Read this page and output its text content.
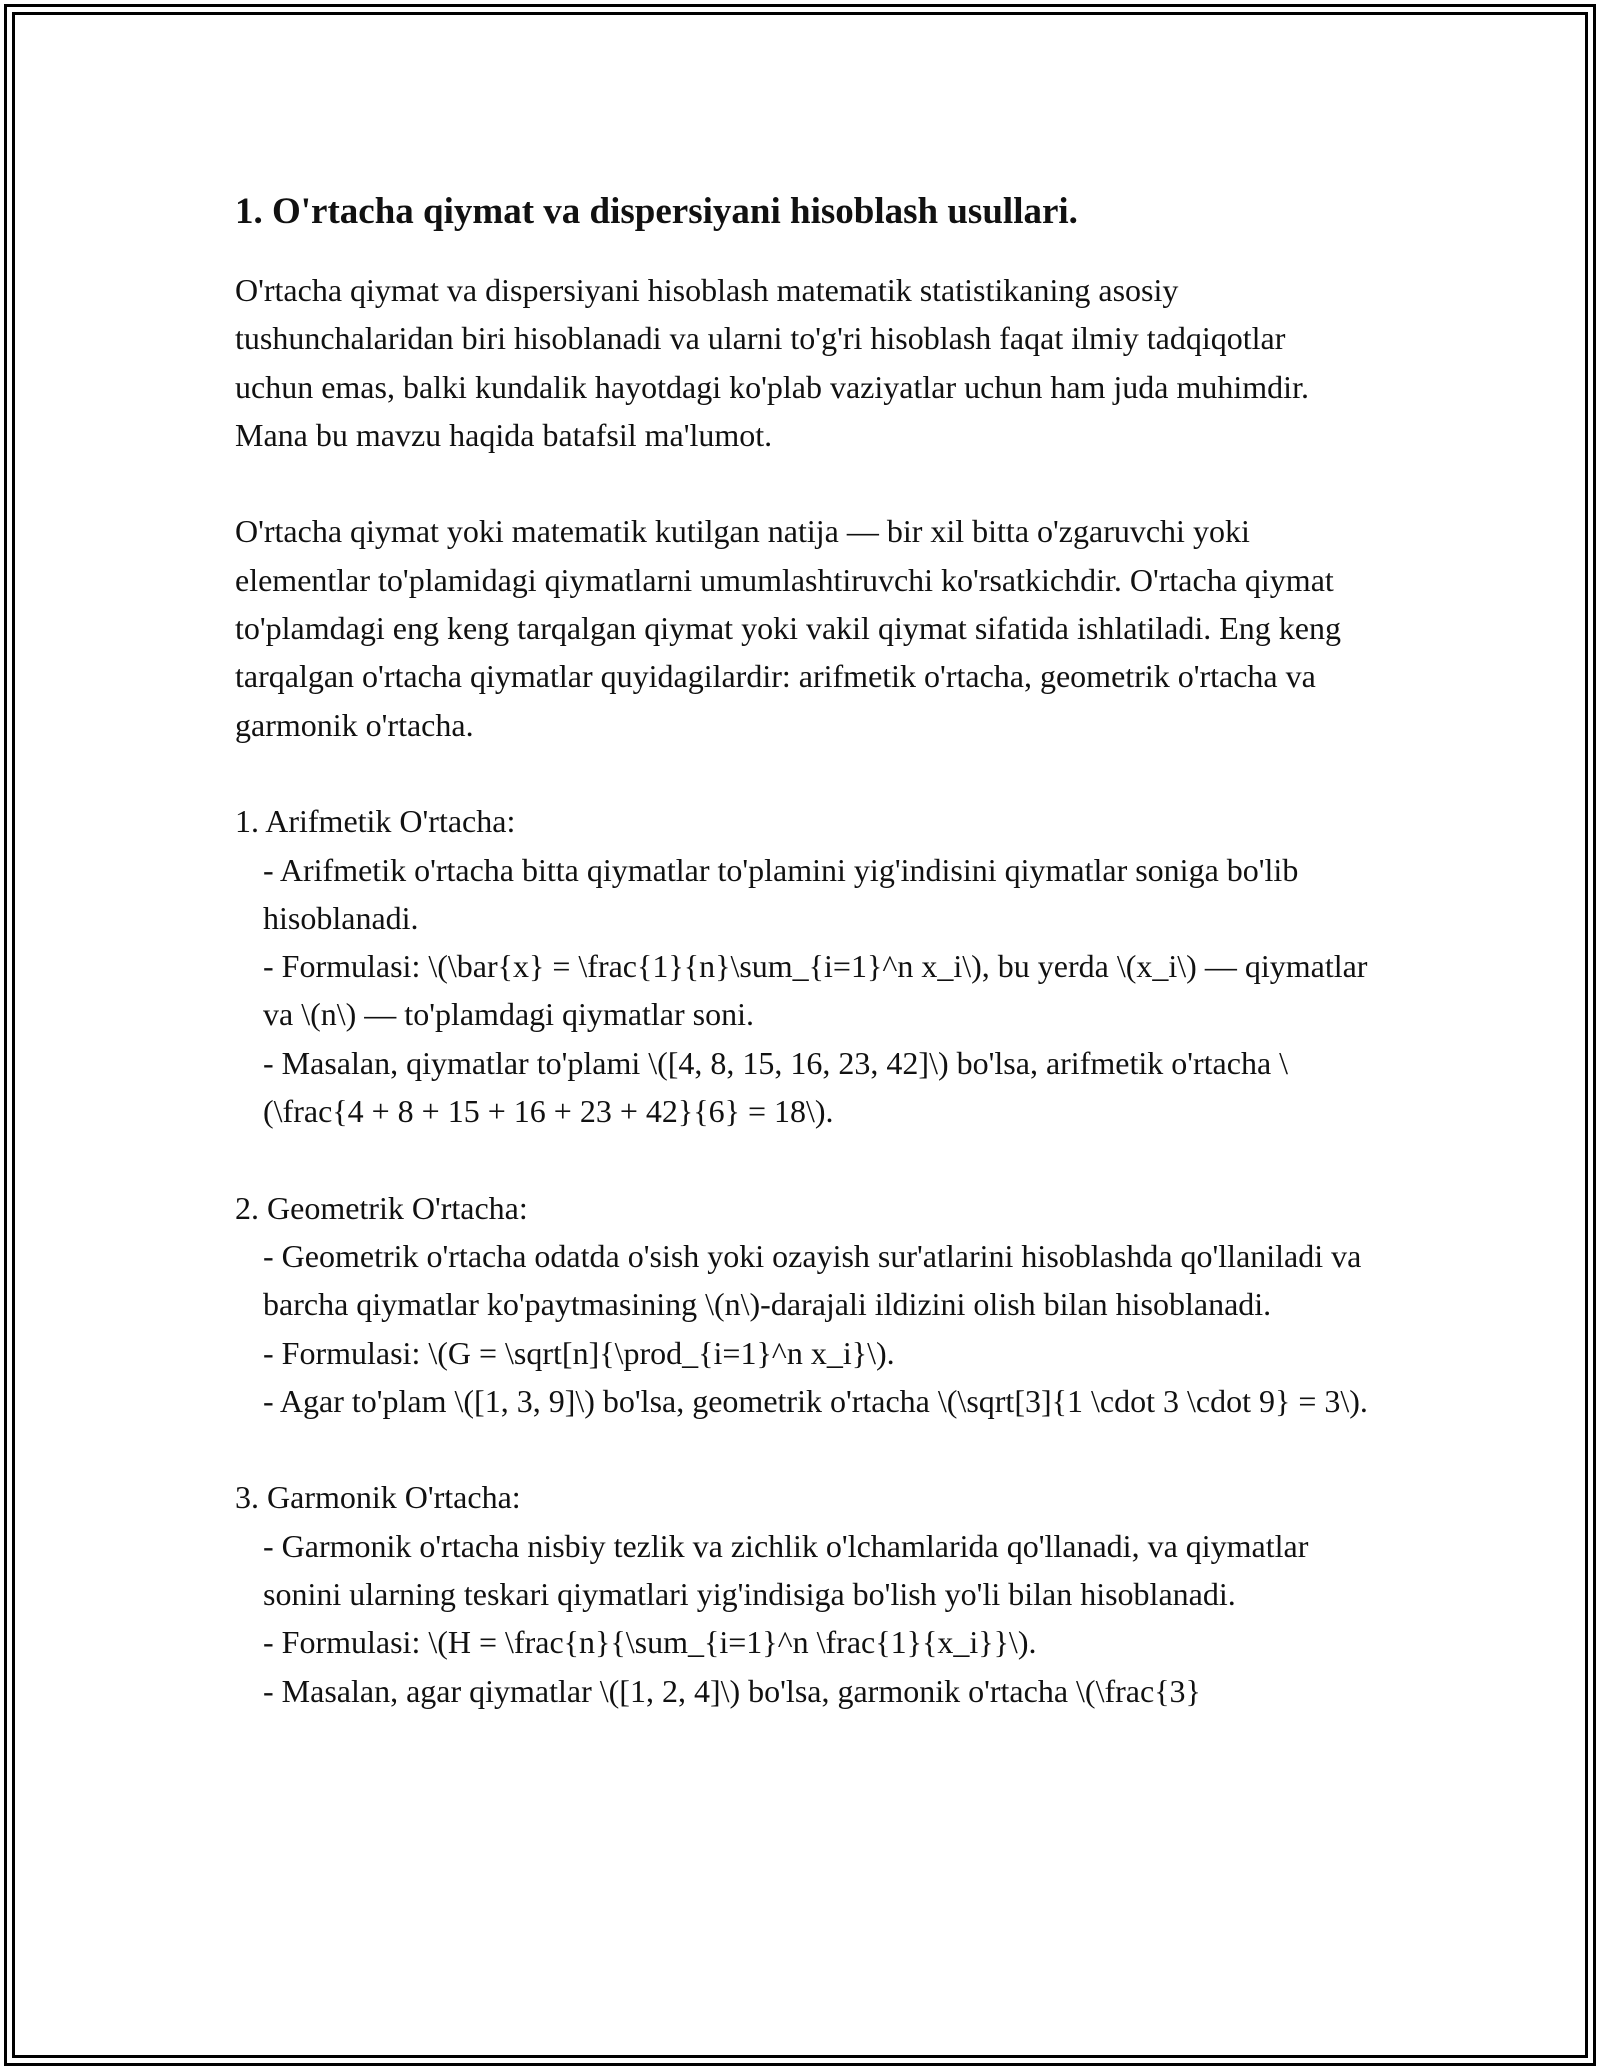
1. O'rtacha qiymat va dispersiyani hisoblash usullari.

O'rtacha qiymat va dispersiyani hisoblash matematik statistikaning asosiy tushunchalaridan biri hisoblanadi va ularni to'g'ri hisoblash faqat ilmiy tadqiqotlar uchun emas, balki kundalik hayotdagi ko'plab vaziyatlar uchun ham juda muhimdir. Mana bu mavzu haqida batafsil ma'lumot.

O'rtacha qiymat yoki matematik kutilgan natija — bir xil bitta o'zgaruvchi yoki elementlar to'plamidagi qiymatlarni umumlashtiruvchi ko'rsatkichdir. O'rtacha qiymat to'plamdagi eng keng tarqalgan qiymat yoki vakil qiymat sifatida ishlatiladi. Eng keng tarqalgan o'rtacha qiymatlar quyidagilardir: arifmetik o'rtacha, geometrik o'rtacha va garmonik o'rtacha.

1. Arifmetik O'rtacha:

- Arifmetik o'rtacha bitta qiymatlar to'plamini yig'indisini qiymatlar soniga bo'lib hisoblanadi.

- Formulasi: \(\bar{x} = \frac{1}{n}\sum_{i=1}^n x_i\), bu yerda \(x_i\) — qiymatlar va \(n\) — to'plamdagi qiymatlar soni.

- Masalan, qiymatlar to'plami \([4, 8, 15, 16, 23, 42]\) bo'lsa, arifmetik o'rtacha \(\frac{4 + 8 + 15 + 16 + 23 + 42}{6} = 18\).

2. Geometrik O'rtacha:

- Geometrik o'rtacha odatda o'sish yoki ozayish sur'atlarini hisoblashda qo'llaniladi va barcha qiymatlar ko'paytmasining \(n\)-darajali ildizini olish bilan hisoblanadi.

- Formulasi: \(G = \sqrt[n]{\prod_{i=1}^n x_i}\).

- Agar to'plam \([1, 3, 9]\) bo'lsa, geometrik o'rtacha \(\sqrt[3]{1 \cdot 3 \cdot 9} = 3\).

3. Garmonik O'rtacha:

- Garmonik o'rtacha nisbiy tezlik va zichlik o'lchamlarida qo'llanadi, va qiymatlar sonini ularning teskari qiymatlari yig'indisiga bo'lish yo'li bilan hisoblanadi.

- Formulasi: \(H = \frac{n}{\sum_{i=1}^n \frac{1}{x_i}}\).

- Masalan, agar qiymatlar \([1, 2, 4]\) bo'lsa, garmonik o'rtacha \(\frac{3}
